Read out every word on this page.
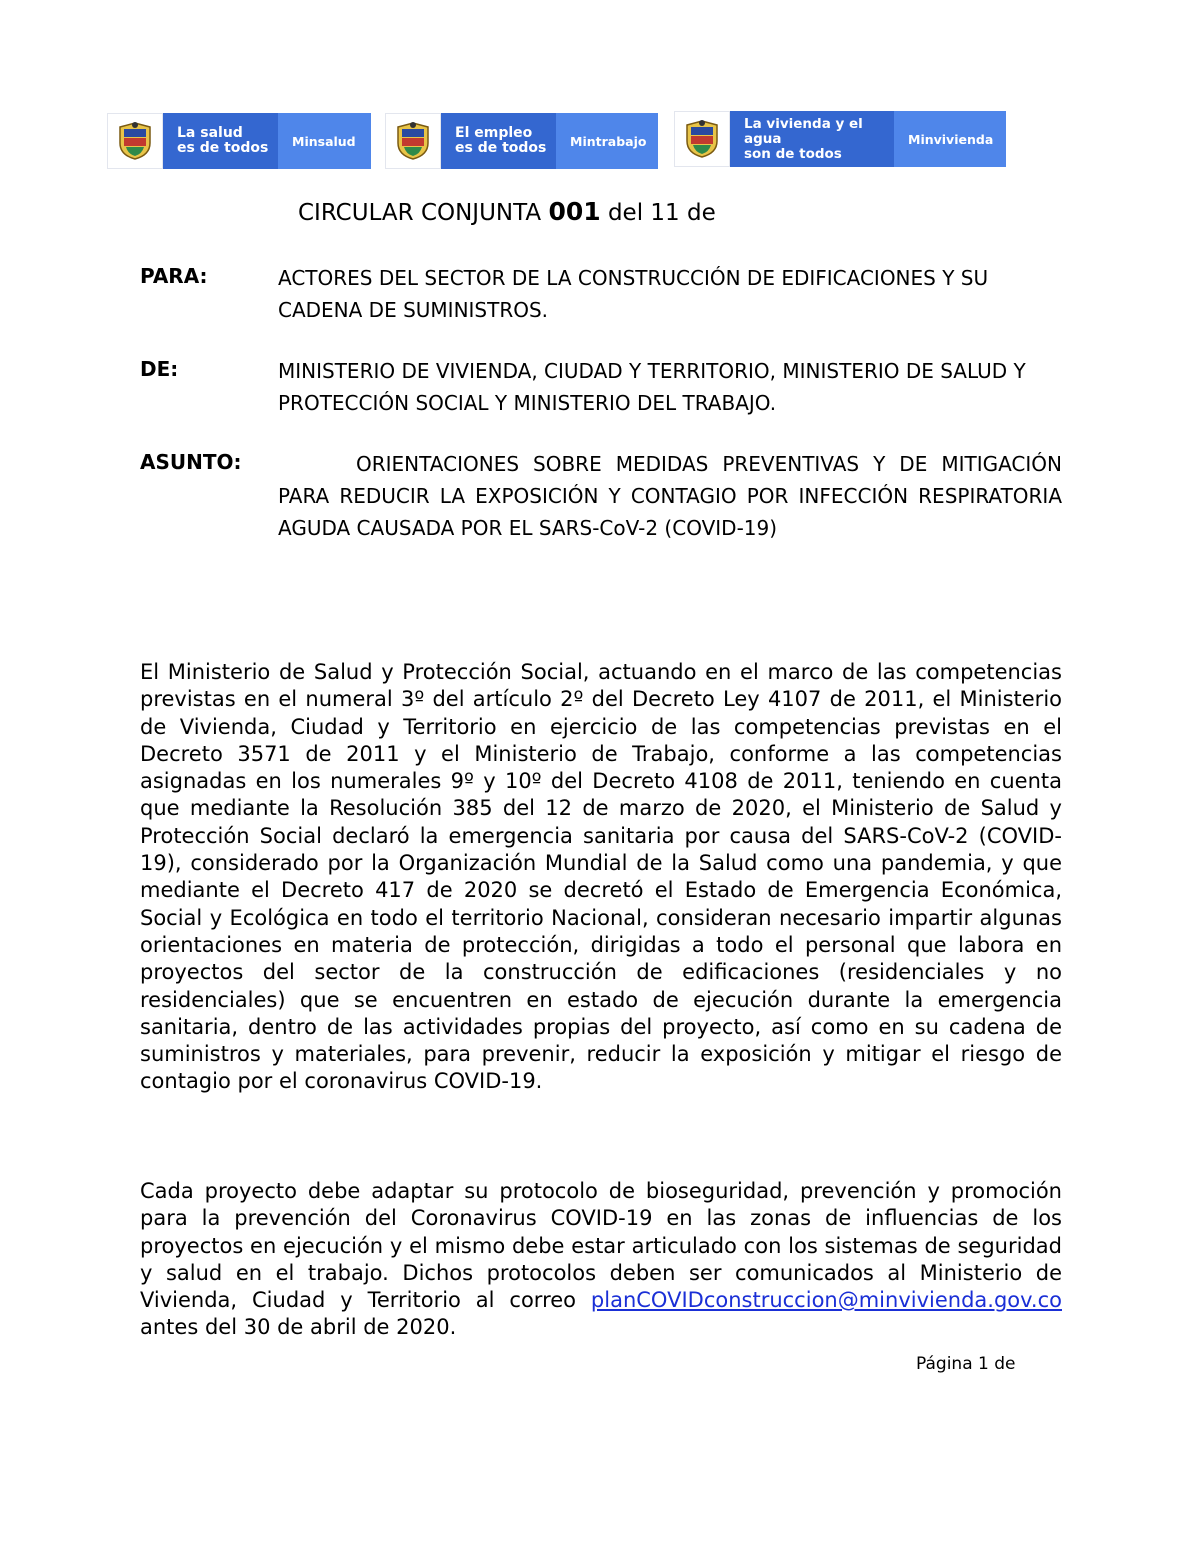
La salud
es de todos	Minsalud	El empleo
es de todos	Mintrabajo
La vivienda y el agua
son de todos
Minvivienda
CIRCULAR CONJUNTA 001 del 11 de
PARA:	ACTORES DEL SECTOR DE LA CONSTRUCCIÓN DE EDIFICACIONES Y SU CADENA DE SUMINISTROS.
DE:	MINISTERIO DE VIVIENDA, CIUDAD Y TERRITORIO, MINISTERIO DE SALUD Y PROTECCIÓN SOCIAL Y MINISTERIO DEL TRABAJO.
ASUNTO:	ORIENTACIONES SOBRE MEDIDAS PREVENTIVAS Y DE MITIGACIÓN PARA REDUCIR LA EXPOSICIÓN Y CONTAGIO POR INFECCIÓN RESPIRATORIA AGUDA CAUSADA POR EL SARS-CoV-2 (COVID-19)
El Ministerio de Salud y Protección Social, actuando en el marco de las competencias previstas en el numeral 3º del artículo 2º del Decreto Ley 4107 de 2011, el Ministerio de Vivienda, Ciudad y Territorio en ejercicio de las competencias previstas en el Decreto 3571 de 2011 y el Ministerio de Trabajo, conforme a las competencias asignadas en los numerales 9º y 10º del Decreto 4108 de 2011, teniendo en cuenta que mediante la Resolución 385 del 12 de marzo de 2020, el Ministerio de Salud y Protección Social declaró la emergencia sanitaria por causa del SARS-CoV-2 (COVID-19), considerado por la Organización Mundial de la Salud como una pandemia, y que mediante el Decreto 417 de 2020 se decretó el Estado de Emergencia Económica, Social y Ecológica en todo el territorio Nacional, consideran necesario impartir algunas orientaciones en materia de protección, dirigidas a todo el personal que labora en proyectos del sector de la construcción de edificaciones (residenciales y no residenciales) que se encuentren en estado de ejecución durante la emergencia sanitaria, dentro de las actividades propias del proyecto, así como en su cadena de suministros y materiales, para prevenir, reducir la exposición y mitigar el riesgo de contagio por el coronavirus COVID-19.
Cada proyecto debe adaptar su protocolo de bioseguridad, prevención y promoción para la prevención del Coronavirus COVID-19 en las zonas de influencias de los proyectos en ejecución y el mismo debe estar articulado con los sistemas de seguridad y salud en el trabajo. Dichos protocolos deben ser comunicados al Ministerio de Vivienda, Ciudad y Territorio al correo planCOVIDconstruccion@minvivienda.gov.co antes del 30 de abril de 2020.
Página 1 de
